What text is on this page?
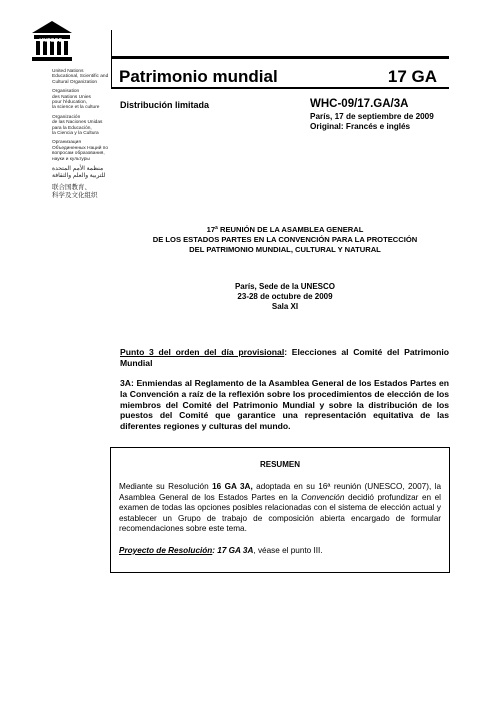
UNESCO
United Nations
Educational, Scientific and
Cultural Organization
Organisation
des Nations Unies
pour l'éducation,
la science et la culture
Organización
de las Naciones Unidas
para la Educación,
la Ciencia y la Cultura
Организация
Объединенных Наций по
вопросам образования,
науки и культуры
منظمة الأمم المتحدة
للتربية والعلم والثقافة
联合国教育、
科学及文化组织
Patrimonio mundial	17 GA
Distribución limitada	WHC-09/17.GA/3A
París, 17 de septiembre de 2009
Original: Francés e inglés
17ª REUNIÓN DE LA ASAMBLEA GENERAL
DE LOS ESTADOS PARTES EN LA CONVENCIÓN PARA LA PROTECCIÓN
DEL PATRIMONIO MUNDIAL, CULTURAL Y NATURAL
París, Sede de la UNESCO
23-28 de octubre de 2009
Sala XI
Punto 3 del orden del día provisional: Elecciones al Comité del Patrimonio Mundial
3A: Enmiendas al Reglamento de la Asamblea General de los Estados Partes en la Convención a raíz de la reflexión sobre los procedimientos de elección de los miembros del Comité del Patrimonio Mundial y sobre la distribución de los puestos del Comité que garantice una representación equitativa de las diferentes regiones y culturas del mundo.
RESUMEN
Mediante su Resolución 16 GA 3A, adoptada en su 16ª reunión (UNESCO, 2007), la Asamblea General de los Estados Partes en la Convención decidió profundizar en el examen de todas las opciones posibles relacionadas con el sistema de elección actual y establecer un Grupo de trabajo de composición abierta encargado de formular recomendaciones sobre este tema.
Proyecto de Resolución: 17 GA 3A, véase el punto III.
